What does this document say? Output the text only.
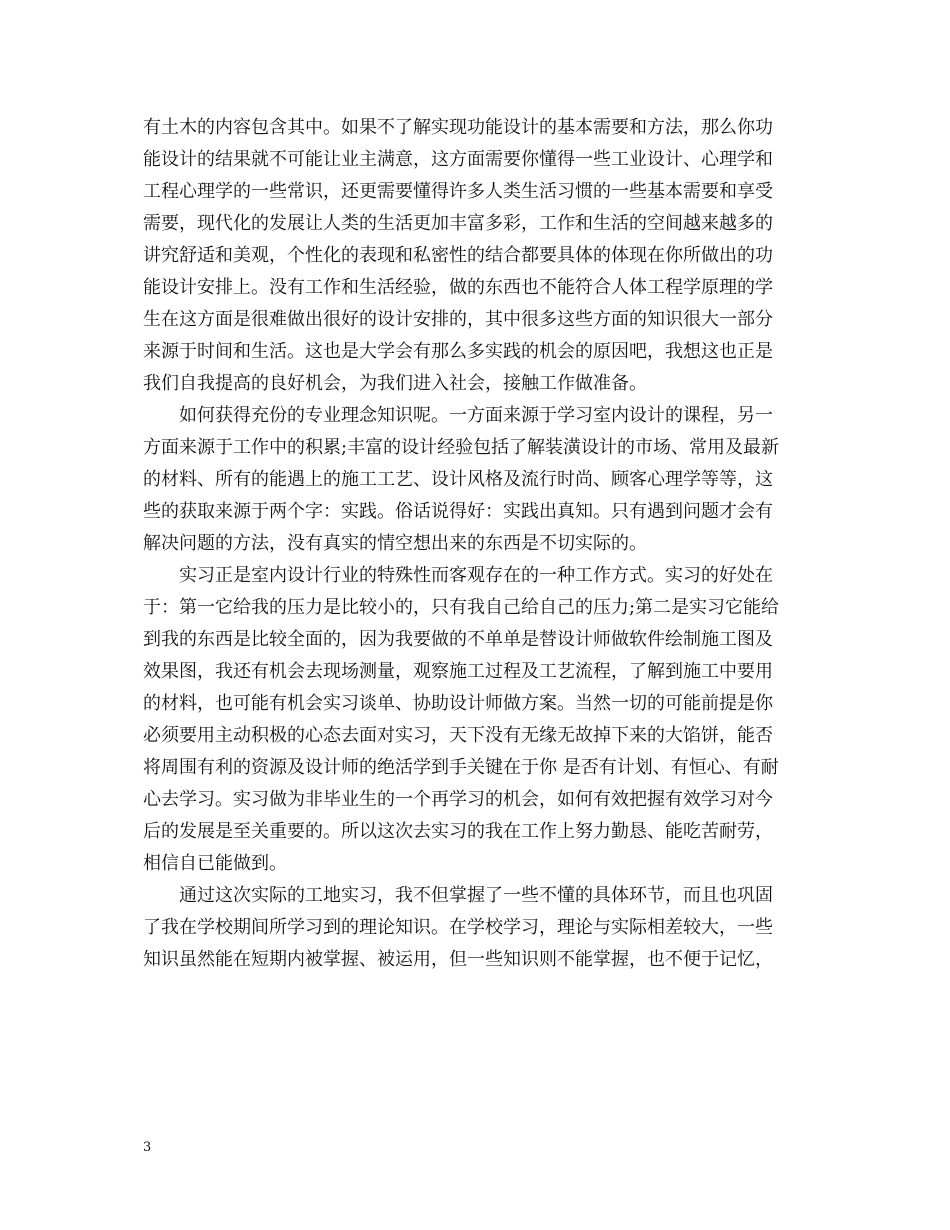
有土木的内容包含其中。如果不了解实现功能设计的基本需要和方法，那么你功
能设计的结果就不可能让业主满意，这方面需要你懂得一些工业设计、心理学和
工程心理学的一些常识，还更需要懂得许多人类生活习惯的一些基本需要和享受
需要，现代化的发展让人类的生活更加丰富多彩，工作和生活的空间越来越多的
讲究舒适和美观，个性化的表现和私密性的结合都要具体的体现在你所做出的功
能设计安排上。没有工作和生活经验，做的东西也不能符合人体工程学原理的学
生在这方面是很难做出很好的设计安排的，其中很多这些方面的知识很大一部分
来源于时间和生活。这也是大学会有那么多实践的机会的原因吧，我想这也正是
我们自我提高的良好机会，为我们进入社会，接触工作做准备。
如何获得充份的专业理念知识呢。一方面来源于学习室内设计的课程，另一
方面来源于工作中的积累;丰富的设计经验包括了解装潢设计的市场、常用及最新
的材料、所有的能遇上的施工工艺、设计风格及流行时尚、顾客心理学等等，这
些的获取来源于两个字：实践。俗话说得好：实践出真知。只有遇到问题才会有
解决问题的方法，没有真实的情空想出来的东西是不切实际的。
实习正是室内设计行业的特殊性而客观存在的一种工作方式。实习的好处在
于：第一它给我的压力是比较小的，只有我自己给自己的压力;第二是实习它能给
到我的东西是比较全面的，因为我要做的不单单是替设计师做软件绘制施工图及
效果图，我还有机会去现场测量，观察施工过程及工艺流程，了解到施工中要用
的材料，也可能有机会实习谈单、协助设计师做方案。当然一切的可能前提是你
必须要用主动积极的心态去面对实习，天下没有无缘无故掉下来的大馅饼，能否
将周围有利的资源及设计师的绝活学到手关键在于你 是否有计划、有恒心、有耐
心去学习。实习做为非毕业生的一个再学习的机会，如何有效把握有效学习对今
后的发展是至关重要的。所以这次去实习的我在工作上努力勤恳、能吃苦耐劳，
相信自已能做到。
通过这次实际的工地实习，我不但掌握了一些不懂的具体环节，而且也巩固
了我在学校期间所学习到的理论知识。在学校学习，理论与实际相差较大，一些
知识虽然能在短期内被掌握、被运用，但一些知识则不能掌握，也不便于记忆，
3
